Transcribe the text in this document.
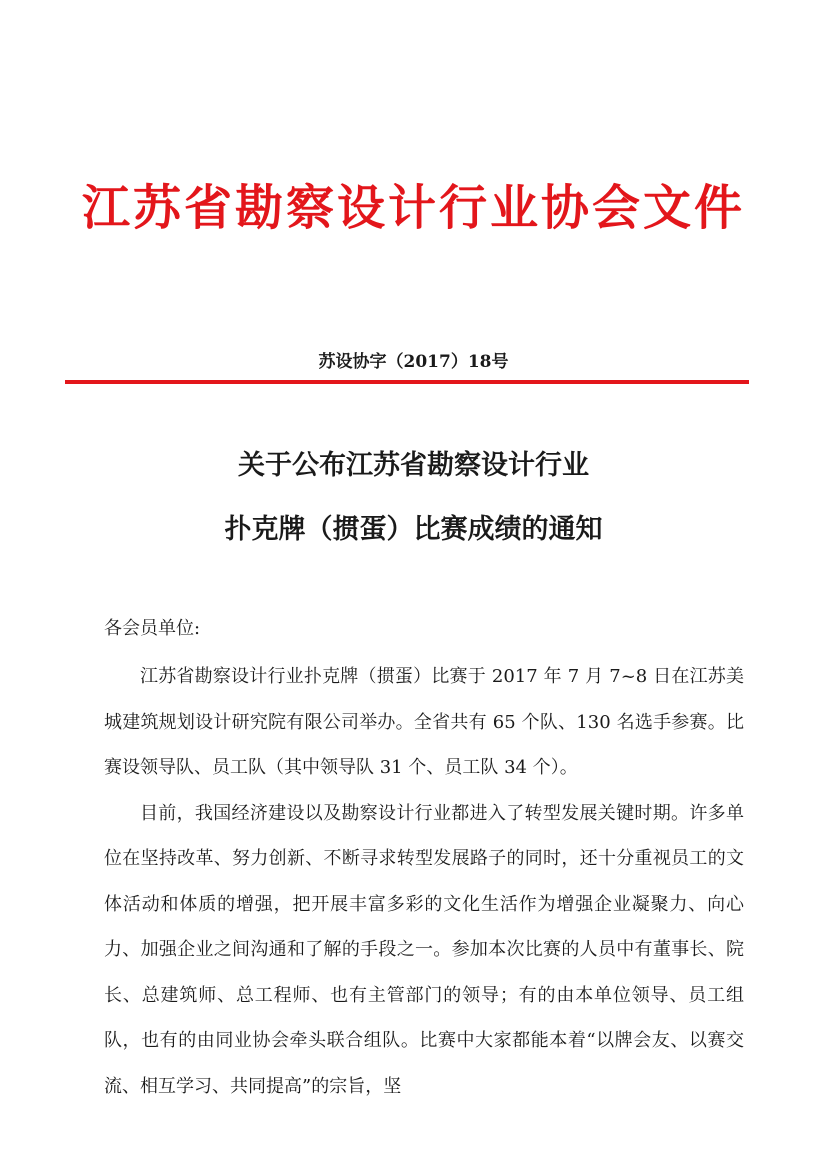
江苏省勘察设计行业协会文件
苏设协字（2017）18号
关于公布江苏省勘察设计行业
扑克牌（掼蛋）比赛成绩的通知
各会员单位:

江苏省勘察设计行业扑克牌（掼蛋）比赛于 2017 年 7 月 7~8 日在江苏美城建筑规划设计研究院有限公司举办。全省共有 65 个队、130 名选手参赛。比赛设领导队、员工队（其中领导队 31 个、员工队 34 个）。

目前，我国经济建设以及勘察设计行业都进入了转型发展关键时期。许多单位在坚持改革、努力创新、不断寻求转型发展路子的同时，还十分重视员工的文体活动和体质的增强，把开展丰富多彩的文化生活作为增强企业凝聚力、向心力、加强企业之间沟通和了解的手段之一。参加本次比赛的人员中有董事长、院长、总建筑师、总工程师、也有主管部门的领导；有的由本单位领导、员工组队，也有的由同业协会牵头联合组队。比赛中大家都能本着“以牌会友、以赛交流、相互学习、共同提高”的宗旨，坚
